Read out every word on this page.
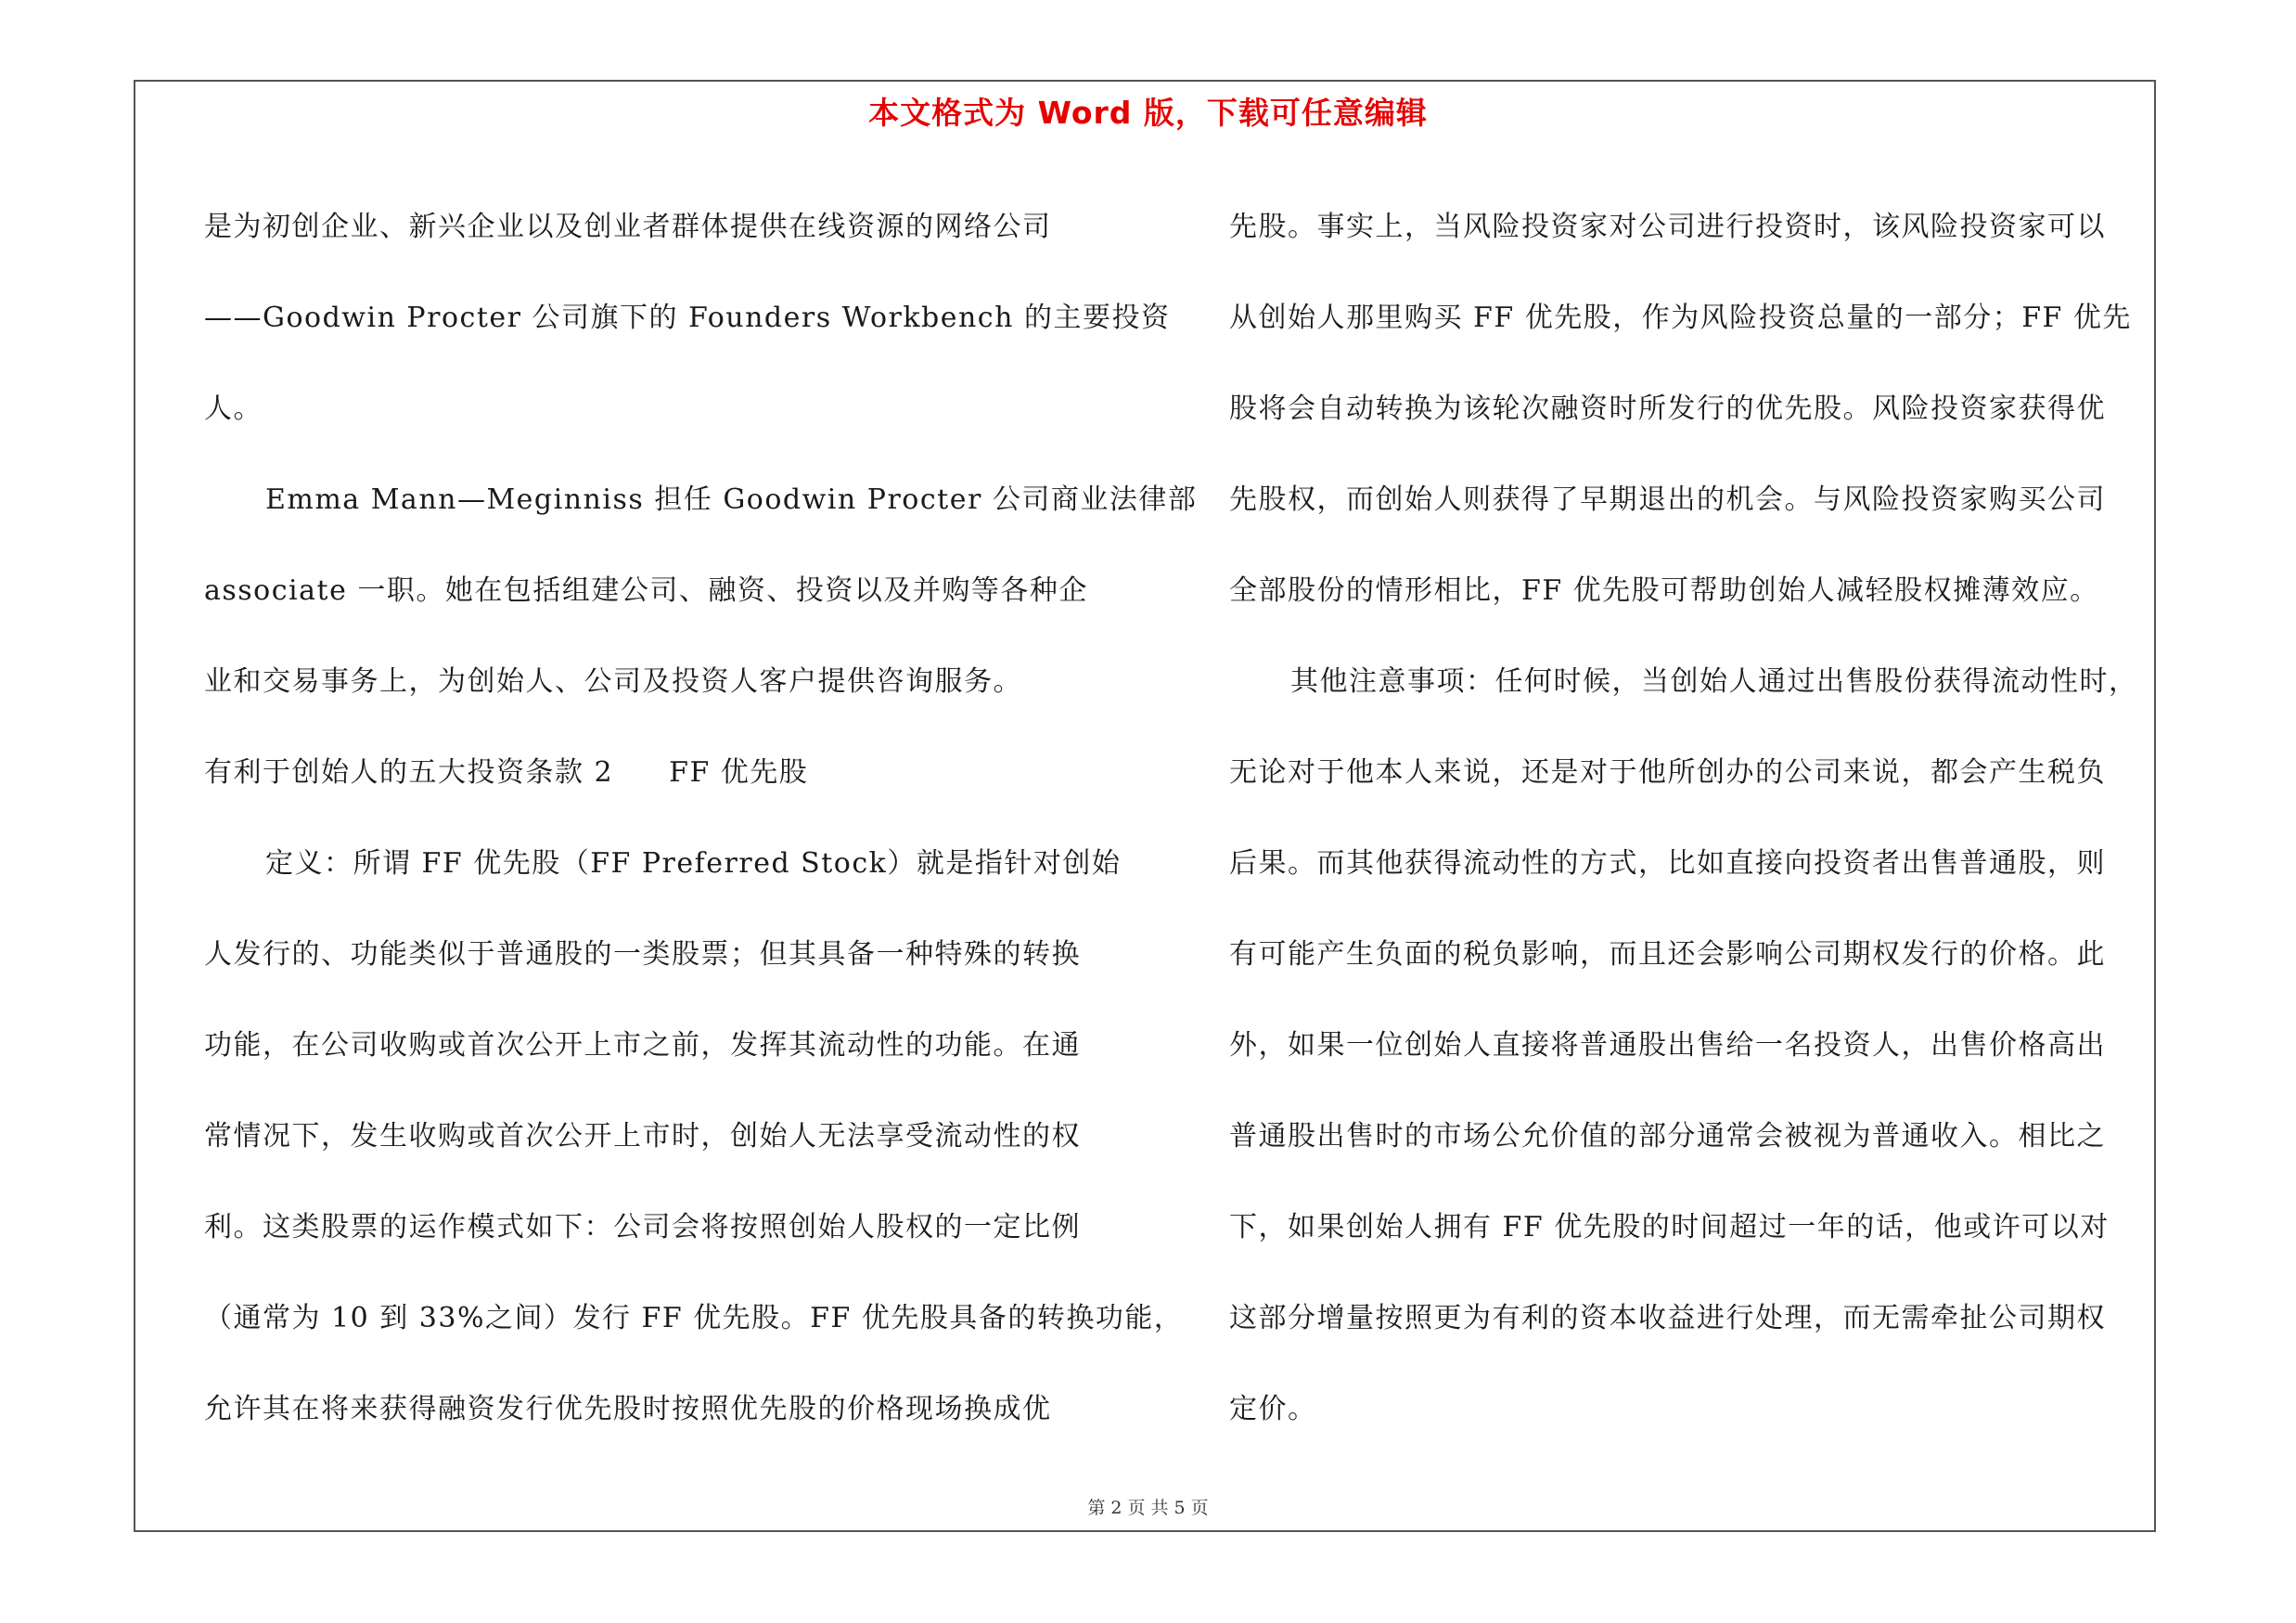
本文格式为 Word 版，下载可任意编辑
是为初创企业、新兴企业以及创业者群体提供在线资源的网络公司
——Goodwin Procter 公司旗下的 Founders Workbench 的主要投资
人。
Emma Mann—Meginniss 担任 Goodwin Procter 公司商业法律部
associate 一职。她在包括组建公司、融资、投资以及并购等各种企
业和交易事务上，为创始人、公司及投资人客户提供咨询服务。
有利于创始人的五大投资条款 2 FF 优先股
定义：所谓 FF 优先股（FF Preferred Stock）就是指针对创始
人发行的、功能类似于普通股的一类股票；但其具备一种特殊的转换
功能，在公司收购或首次公开上市之前，发挥其流动性的功能。在通
常情况下，发生收购或首次公开上市时，创始人无法享受流动性的权
利。这类股票的运作模式如下：公司会将按照创始人股权的一定比例
（通常为 10 到 33%之间）发行 FF 优先股。FF 优先股具备的转换功能，
允许其在将来获得融资发行优先股时按照优先股的价格现场换成优
先股。事实上，当风险投资家对公司进行投资时，该风险投资家可以
从创始人那里购买 FF 优先股，作为风险投资总量的一部分；FF 优先
股将会自动转换为该轮次融资时所发行的优先股。风险投资家获得优
先股权，而创始人则获得了早期退出的机会。与风险投资家购买公司
全部股份的情形相比，FF 优先股可帮助创始人减轻股权摊薄效应。
其他注意事项：任何时候，当创始人通过出售股份获得流动性时，
无论对于他本人来说，还是对于他所创办的公司来说，都会产生税负
后果。而其他获得流动性的方式，比如直接向投资者出售普通股，则
有可能产生负面的税负影响，而且还会影响公司期权发行的价格。此
外，如果一位创始人直接将普通股出售给一名投资人，出售价格高出
普通股出售时的市场公允价值的部分通常会被视为普通收入。相比之
下，如果创始人拥有 FF 优先股的时间超过一年的话，他或许可以对
这部分增量按照更为有利的资本收益进行处理，而无需牵扯公司期权
定价。
第 2 页 共 5 页
